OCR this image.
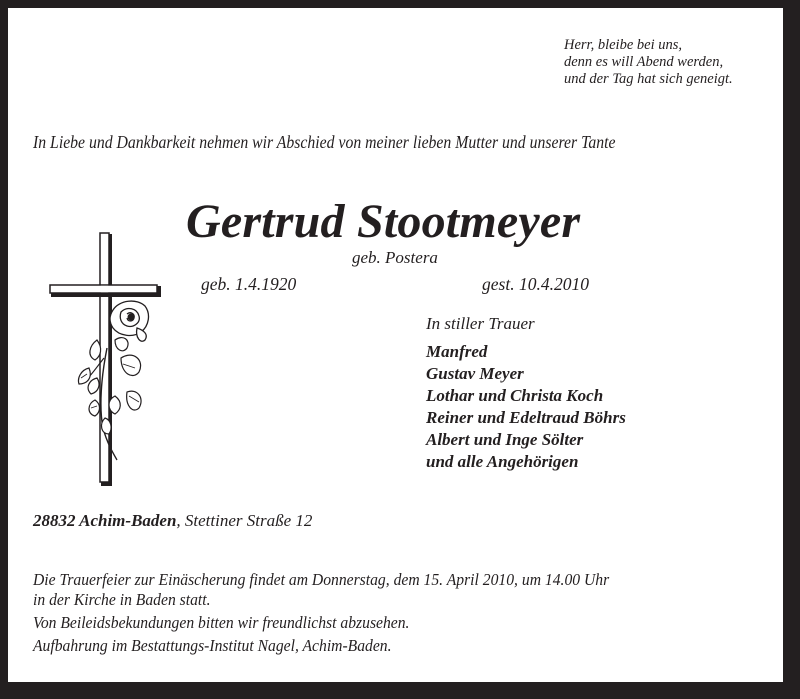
Herr, bleibe bei uns,
denn es will Abend werden,
und der Tag hat sich geneigt.
In Liebe und Dankbarkeit nehmen wir Abschied von meiner lieben Mutter und unserer Tante
Gertrud Stootmeyer
geb. Postera
geb. 1.4.1920	gest. 10.4.2010
In stiller Trauer
Manfred
Gustav Meyer
Lothar und Christa Koch
Reiner und Edeltraud Böhrs
Albert und Inge Sölter
und alle Angehörigen
28832 Achim-Baden, Stettiner Straße 12
Die Trauerfeier zur Einäscherung findet am Donnerstag, dem 15. April 2010, um 14.00 Uhr
in der Kirche in Baden statt.
Von Beileidsbekundungen bitten wir freundlichst abzusehen.
Aufbahrung im Bestattungs-Institut Nagel, Achim-Baden.
